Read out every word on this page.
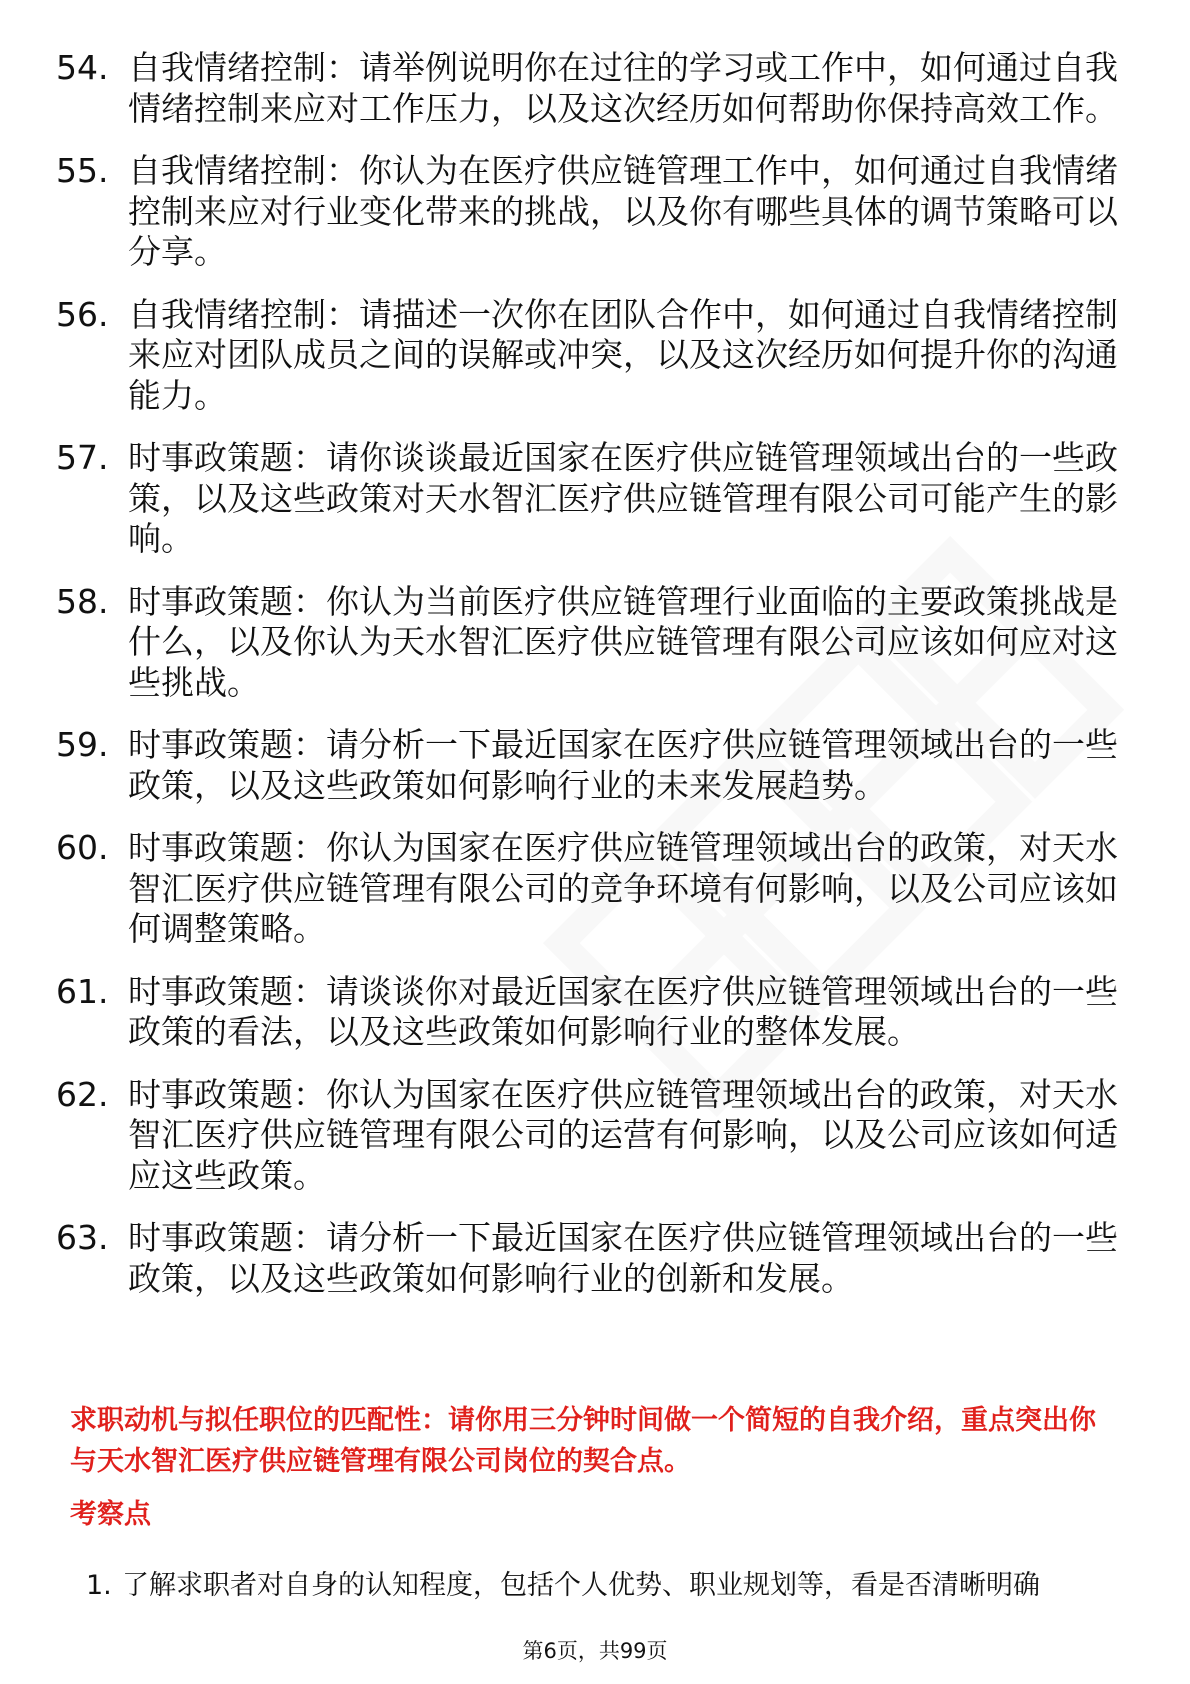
54. 自我情绪控制：请举例说明你在过往的学习或工作中，如何通过自我情绪控制来应对工作压力，以及这次经历如何帮助你保持高效工作。
55. 自我情绪控制：你认为在医疗供应链管理工作中，如何通过自我情绪控制来应对行业变化带来的挑战，以及你有哪些具体的调节策略可以分享。
56. 自我情绪控制：请描述一次你在团队合作中，如何通过自我情绪控制来应对团队成员之间的误解或冲突，以及这次经历如何提升你的沟通能力。
57. 时事政策题：请你谈谈最近国家在医疗供应链管理领域出台的一些政策，以及这些政策对天水智汇医疗供应链管理有限公司可能产生的影响。
58. 时事政策题：你认为当前医疗供应链管理行业面临的主要政策挑战是什么，以及你认为天水智汇医疗供应链管理有限公司应该如何应对这些挑战。
59. 时事政策题：请分析一下最近国家在医疗供应链管理领域出台的一些政策，以及这些政策如何影响行业的未来发展趋势。
60. 时事政策题：你认为国家在医疗供应链管理领域出台的政策，对天水智汇医疗供应链管理有限公司的竞争环境有何影响，以及公司应该如何调整策略。
61. 时事政策题：请谈谈你对最近国家在医疗供应链管理领域出台的一些政策的看法，以及这些政策如何影响行业的整体发展。
62. 时事政策题：你认为国家在医疗供应链管理领域出台的政策，对天水智汇医疗供应链管理有限公司的运营有何影响，以及公司应该如何适应这些政策。
63. 时事政策题：请分析一下最近国家在医疗供应链管理领域出台的一些政策，以及这些政策如何影响行业的创新和发展。

求职动机与拟任职位的匹配性：请你用三分钟时间做一个简短的自我介绍，重点突出你与天水智汇医疗供应链管理有限公司岗位的契合点。

考察点

1. 了解求职者对自身的认知程度，包括个人优势、职业规划等，看是否清晰明确
第6页，共99页
